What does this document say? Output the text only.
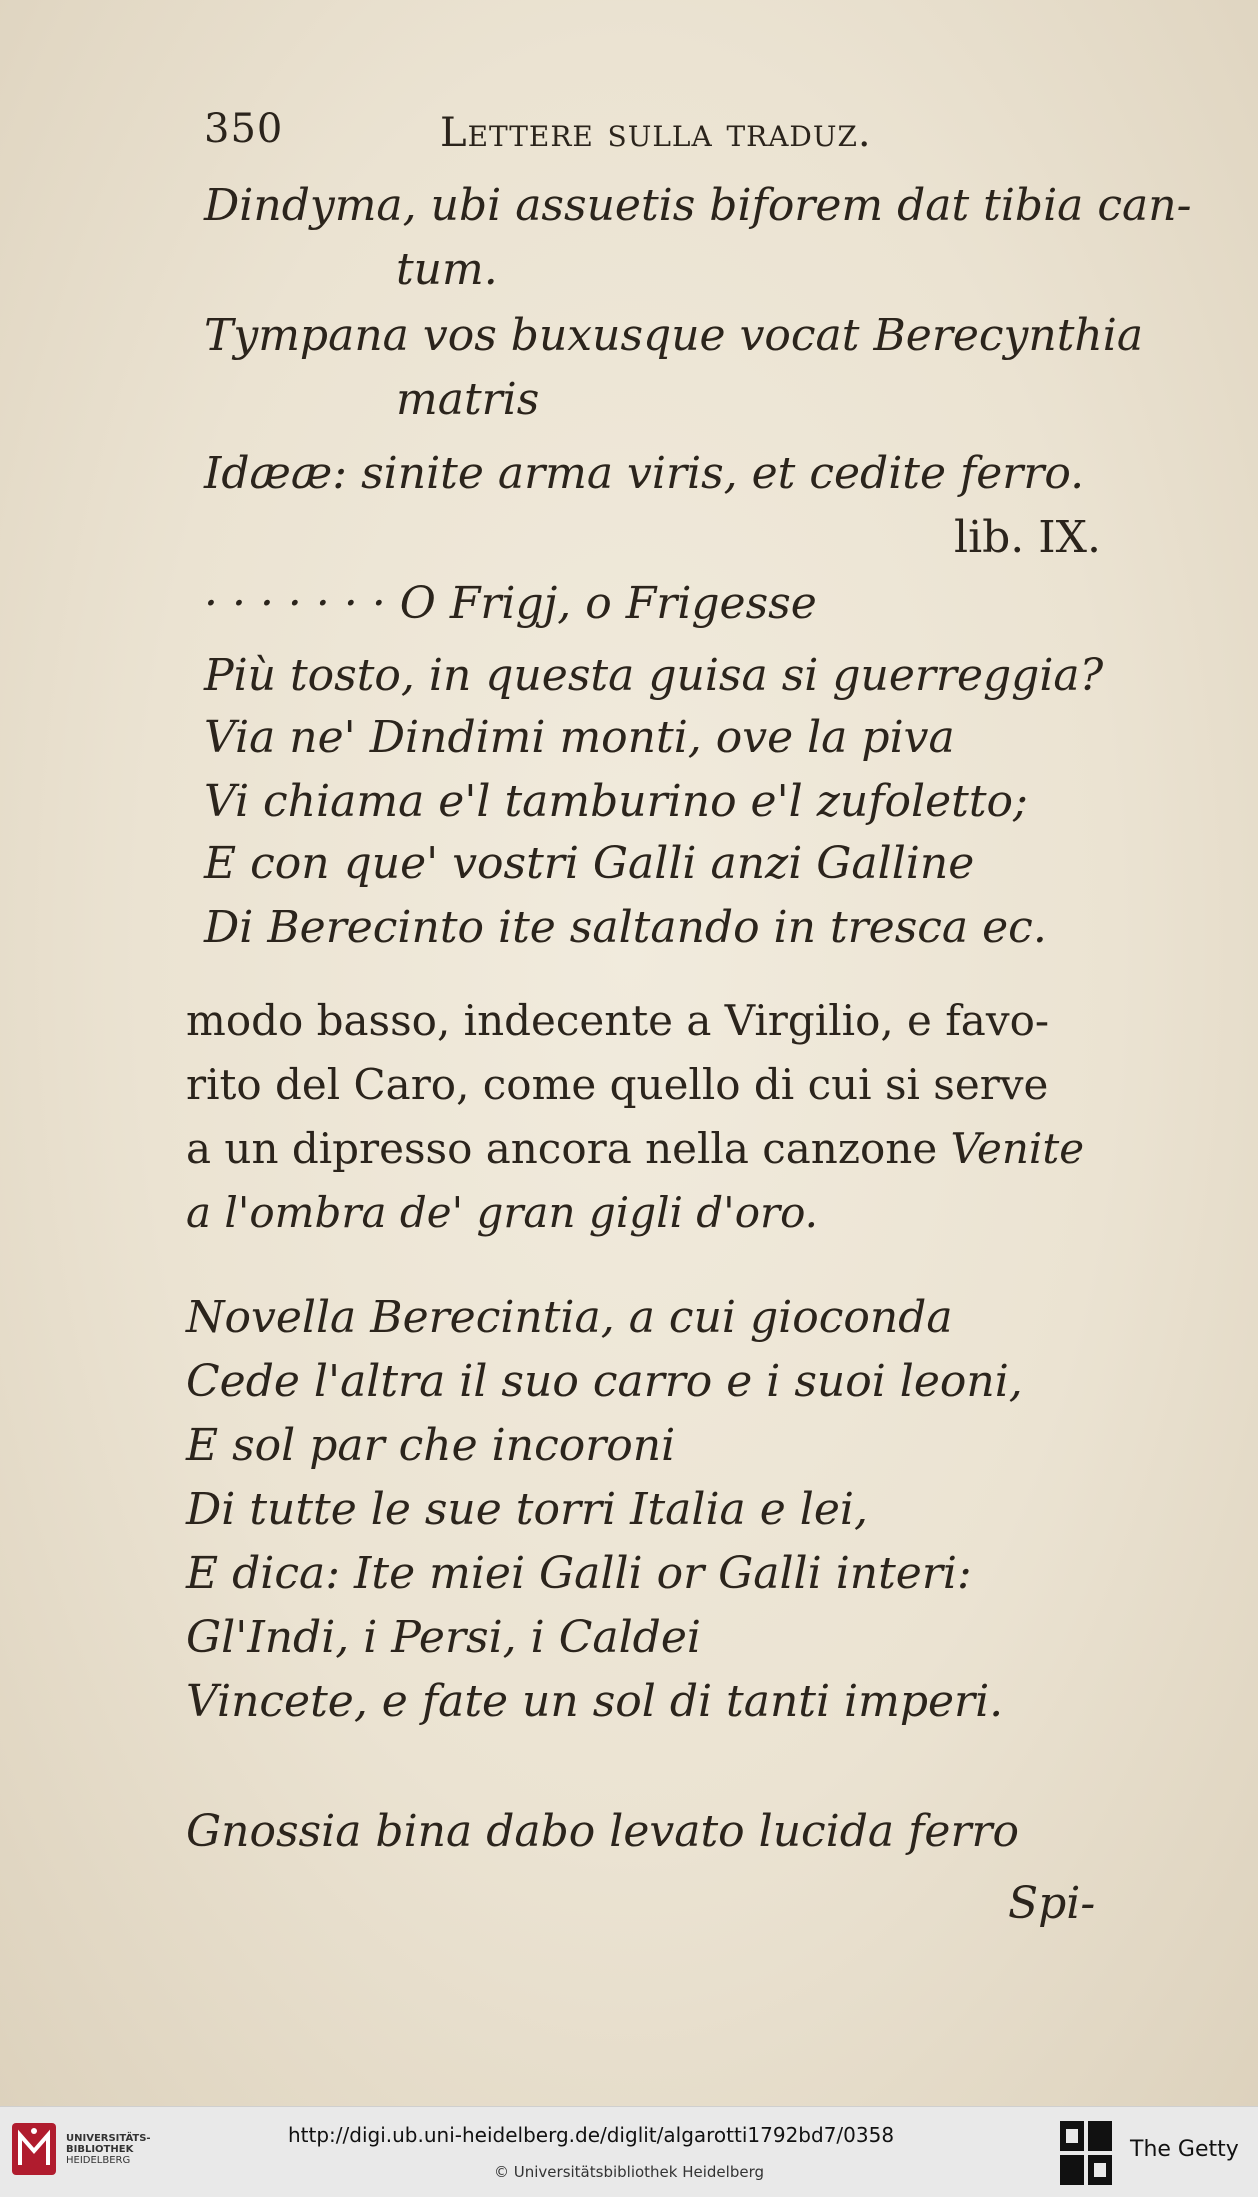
350	Lettere sulla traduz.
Dindyma, ubi assuetis biforem dat tibia can-
tum.
Tympana vos buxusque vocat Berecynthia
matris
Idææ: sinite arma viris, et cedite ferro.
lib. IX.
· · · · · · · O Frigj, o Frigesse
Più tosto, in questa guisa si guerreggia?
Via ne' Dindimi monti, ove la piva
Vi chiama e'l tamburino e'l zufoletto;
E con que' vostri Galli anzi Galline
Di Berecinto ite saltando in tresca ec.
modo basso, indecente a Virgilio, e favo-
rito del Caro, come quello di cui si serve
a un dipresso ancora nella canzone Venite
a l'ombra de' gran gigli d'oro.
Novella Berecintia, a cui gioconda
Cede l'altra il suo carro e i suoi leoni,
E sol par che incoroni
Di tutte le sue torri Italia e lei,
E dica: Ite miei Galli or Galli interi:
Gl'Indi, i Persi, i Caldei
Vincete, e fate un sol di tanti imperi.
Gnossia bina dabo levato lucida ferro
Spi-
UNIVERSITÄTS-
BIBLIOTHEK
HEIDELBERG
http://digi.ub.uni-heidelberg.de/diglit/algarotti1792bd7/0358
© Universitätsbibliothek Heidelberg
The Getty
